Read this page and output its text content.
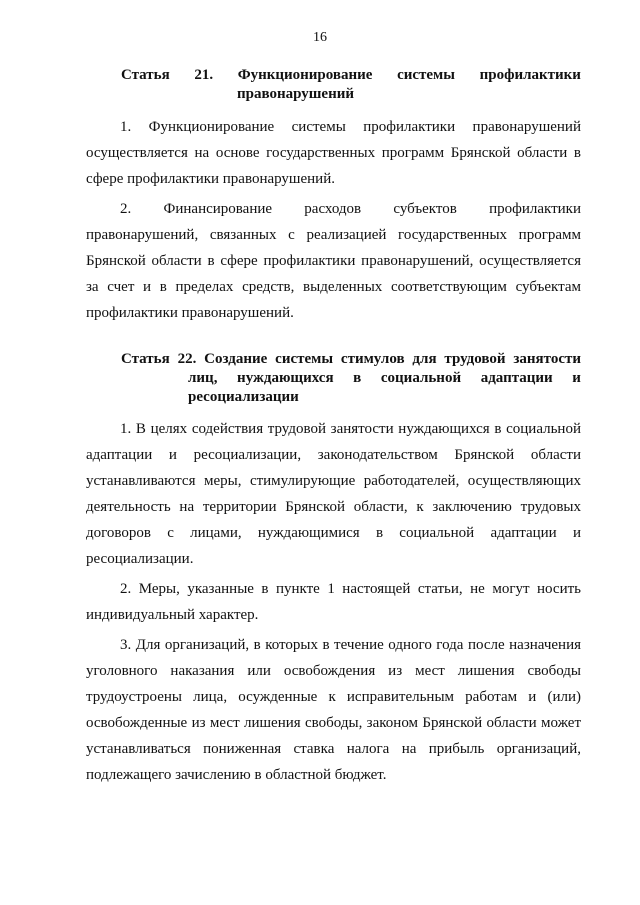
16
Статья 21. Функционирование системы профилактики
правонарушений

1. Функционирование системы профилактики правонарушений осуществляется на основе государственных программ Брянской области в сфере профилактики правонарушений.

2. Финансирование расходов субъектов профилактики правонарушений, связанных с реализацией государственных программ Брянской области в сфере профилактики правонарушений, осуществляется за счет и в пределах средств, выделенных соответствующим субъектам профилактики правонарушений.

Статья 22. Создание системы стимулов для трудовой занятости
лиц, нуждающихся в социальной адаптации и
ресоциализации

1. В целях содействия трудовой занятости нуждающихся в социальной адаптации и ресоциализации, законодательством Брянской области устанавливаются меры, стимулирующие работодателей, осуществляющих деятельность на территории Брянской области, к заключению трудовых договоров с лицами, нуждающимися в социальной адаптации и ресоциализации.

2. Меры, указанные в пункте 1 настоящей статьи, не могут носить индивидуальный характер.

3. Для организаций, в которых в течение одного года после назначения уголовного наказания или освобождения из мест лишения свободы трудоустроены лица, осужденные к исправительным работам и (или) освобожденные из мест лишения свободы, законом Брянской области может устанавливаться пониженная ставка налога на прибыль организаций, подлежащего зачислению в областной бюджет.
